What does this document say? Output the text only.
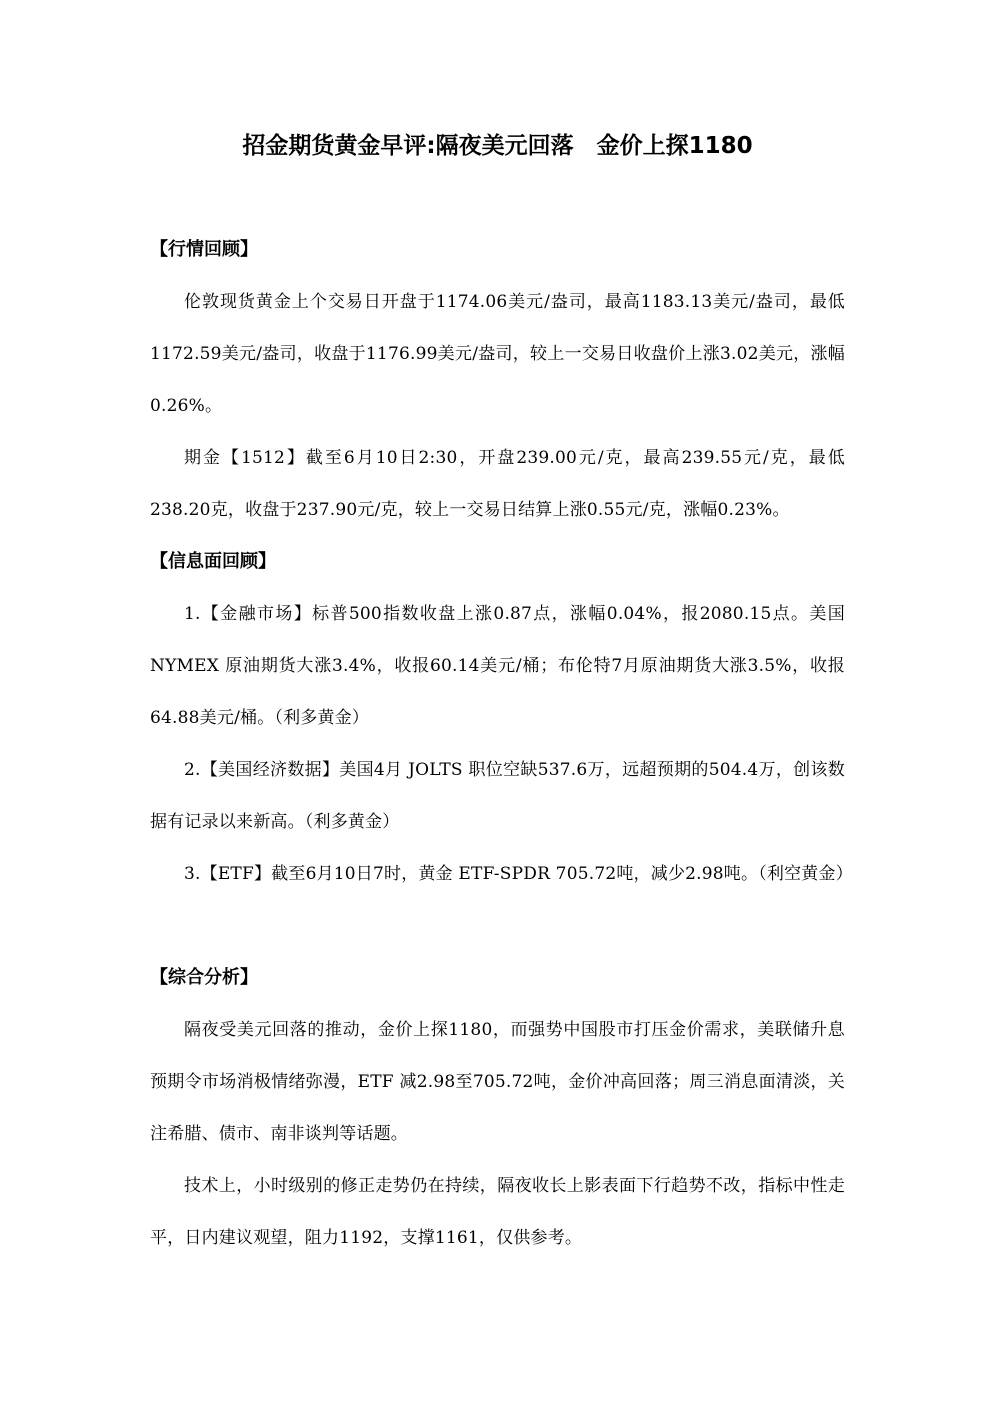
招金期货黄金早评:隔夜美元回落　金价上探1180
【行情回顾】
伦敦现货黄金上个交易日开盘于1174.06美元/盎司，最高1183.13美元/盎司，最低1172.59美元/盎司，收盘于1176.99美元/盎司，较上一交易日收盘价上涨3.02美元，涨幅0.26%。
期金【1512】截至6月10日2:30，开盘239.00元/克，最高239.55元/克，最低238.20克，收盘于237.90元/克，较上一交易日结算上涨0.55元/克，涨幅0.23%。
【信息面回顾】
1.【金融市场】标普500指数收盘上涨0.87点，涨幅0.04%，报2080.15点。美国 NYMEX 原油期货大涨3.4%，收报60.14美元/桶；布伦特7月原油期货大涨3.5%，收报64.88美元/桶。（利多黄金）
2.【美国经济数据】美国4月 JOLTS 职位空缺537.6万，远超预期的504.4万，创该数据有记录以来新高。（利多黄金）
3.【ETF】截至6月10日7时，黄金 ETF-SPDR 705.72吨，减少2.98吨。（利空黄金）
【综合分析】
隔夜受美元回落的推动，金价上探1180，而强势中国股市打压金价需求，美联储升息预期令市场消极情绪弥漫，ETF 减2.98至705.72吨，金价冲高回落；周三消息面清淡，关注希腊、债市、南非谈判等话题。
技术上，小时级别的修正走势仍在持续，隔夜收长上影表面下行趋势不改，指标中性走平，日内建议观望，阻力1192，支撑1161，仅供参考。
